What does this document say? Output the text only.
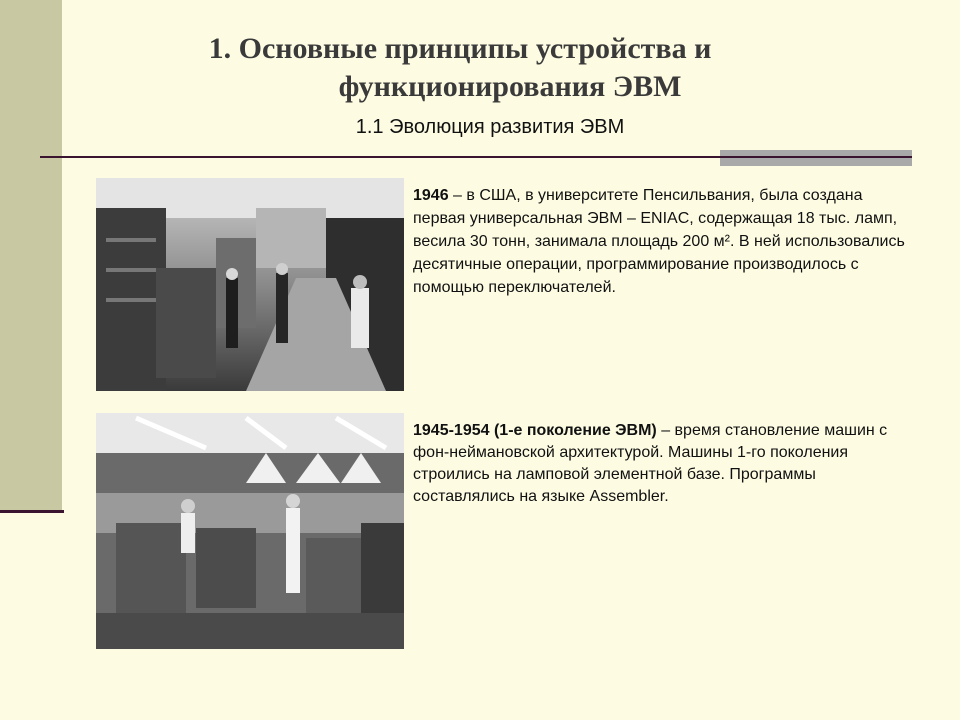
1. Основные принципы устройства и
функционирования ЭВМ
1.1 Эволюция развития ЭВМ
1946 – в США, в университете Пенсильвания, была создана первая универсальная ЭВМ – ENIAC, содержащая 18 тыс. ламп, весила 30 тонн, занимала площадь 200 м². В ней использовались десятичные операции, программирование производилось с помощью переключателей.
1945-1954 (1-е поколение ЭВМ) – время становление машин с фон-неймановской архитектурой. Машины 1-го поколения строились на ламповой элементной базе. Программы составлялись на языке Assembler.
